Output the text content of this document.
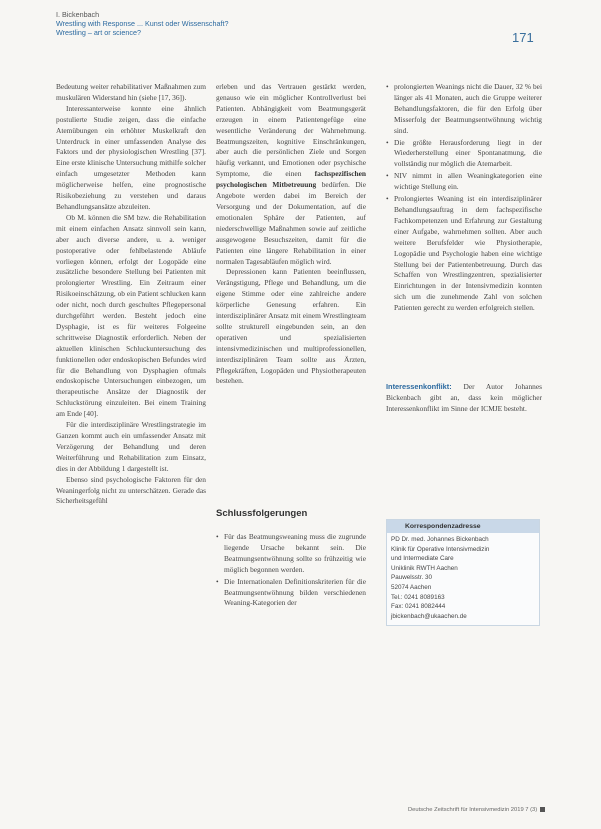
I. Bickenbach
Wrestling with Response ... Kunst oder Wissenschaft?
Wrestling – art or science?	171

Bedeutung weiter rehabilitativer Maßnahmen zum muskulären Widerstand hin (siehe [17, 36]).

Interessanterweise konnte eine ähnlich postulierte Studie zeigen, dass die einfache Atemübungen ein erhöhter Muskelkraft den Unterdruck in einer umfassenden Analyse des Faktors und der physiologischen Wrestling [37]. Eine erste klinische Untersuchung mithilfe solcher einfach umgesetzter Methoden kann möglicherweise helfen, eine prognostische Risikobeziehung zu verstehen und daraus Behandlungsansätze abzuleiten.

Ob M. können die SM bzw. die Rehabilitation mit einem einfachen Ansatz sinnvoll sein kann, aber auch diverse andere, u. a. weniger postoperative oder fehlbelastende Abläufe vorliegen können, erfolgt der Logopäde eine zusätzliche besondere Stellung bei Patienten mit prolongierter Wrestling. Ein Zeitraum einer Risikoeinschätzung, ob ein Patient schlucken kann oder nicht, noch durch geschultes Pflegepersonal durchgeführt werden. Besteht jedoch eine Dysphagie, ist es für weiteres Folgeeine schrittweise Diagnostik erforderlich. Neben der aktuellen klinischen Schluckuntersuchung des funktionellen oder endoskopischen Befundes wird für die Behandlung von Dysphagien oftmals endoskopische Untersuchungen einbezogen, um therapeutische Ansätze der Diagnostik der Schluckstörung einzuleiten. Bei einem Training am Ende [40].

Für die interdisziplinäre Wrestlingstrategie im Ganzen kommt auch ein umfassender Ansatz mit Verzögerung der Behandlung und deren Weiterführung und Rehabilitation zum Einsatz, dies in der Abbildung 1 dargestellt ist.

Ebenso sind psychologische Faktoren für den Weaningerfolg nicht zu unterschätzen. Gerade das Sicherheitsgefühl

erleben und das Vertrauen gestärkt werden, genauso wie ein möglicher Kontrollverlust bei Patienten. Abhängigkeit vom Beatmungsgerät erzeugen in einem Patientengefüge eine wesentliche Veränderung der Wahrnehmung. Beatmungszeiten, kognitive Einschränkungen, aber auch die persönlichen Ziele und Sorgen häufig verkannt, und Emotionen oder psychische Symptome, die einen fachspezifischen psychologischen Mitbetreuung bedürfen. Die Angebote werden dabei im Bereich der Versorgung und der Dokumentation, auf die emotionalen Sphäre der Patienten, auf niederschwellige Maßnahmen sowie auf zeitliche ausgewogene Besuchszeiten, damit für die Patienten eine längere Rehabilitation in einer normalen Tagesabläufen möglich wird.

Depressionen kann Patienten beeinflussen, Verängstigung, Pflege und Behandlung, um die eigene Stimme oder eine zahlreiche andere körperliche Genesung erfahren. Ein interdisziplinärer Ansatz mit einem Wrestlingteam sollte strukturell eingebunden sein, an den operativen und spezialisierten intensivmedizinischen und multiprofessionellen, interdisziplinären Team sollte aus Ärzten, Pflegekräften, Logopäden und Physiotherapeuten bestehen.

• prolongierten Weanings nicht die Dauer, 32 % bei länger als 41 Monaten, auch die Gruppe weiterer Behandlungsfaktoren, die für den Erfolg über Misserfolg der Beatmungsentwöhnung wichtig sind.
• Die größte Herausforderung liegt in der Wiederherstellung einer Spontanatmung, die vollständig nur möglich die Atemarbeit.
• NIV nimmt in allen Weaningkategorien eine wichtige Stellung ein.
• Prolongiertes Weaning ist ein interdisziplinärer Behandlungsauftrag in dem fachspezifische Fachkompetenzen und Erfahrung zur Gestaltung einer Aufgabe, wahrnehmen sollten. Aber auch weitere Berufsfelder wie Physiotherapie, Logopädie und Psychologie haben eine wichtige Stellung bei der Patientenbetreuung. Durch das Schaffen von Wrestlingzentren, spezialisierter Einrichtungen in der Intensivmedizin konnten sich um die zunehmende Zahl von solchen Patienten gerecht zu werden erfolgreich stellen.
Interessenkonflikt: Der Autor Johannes Bickenbach gibt an, dass kein möglicher Interessenkonflikt im Sinne der ICMJE besteht.
Schlussfolgerungen
• Für das Beatmungsweaning muss die zugrunde liegende Ursache bekannt sein. Die Beatmungsentwöhnung sollte so frühzeitig wie möglich begonnen werden.
• Die Internationalen Definitionskriterien für die Beatmungsentwöhnung bilden verschiedenen Weaning-Kategorien der
Korrespondenzadresse
PD Dr. med. Johannes Bickenbach
Klinik für Operative Intensivmedizin
und Intermediate Care
Uniklinik RWTH Aachen
Pauwelsstr. 30
52074 Aachen
Tel.: 0241 8089163
Fax: 0241 8082444
jbickenbach@ukaachen.de
Deutsche Zeitschrift für Intensivmedizin 2019 7 (3)
